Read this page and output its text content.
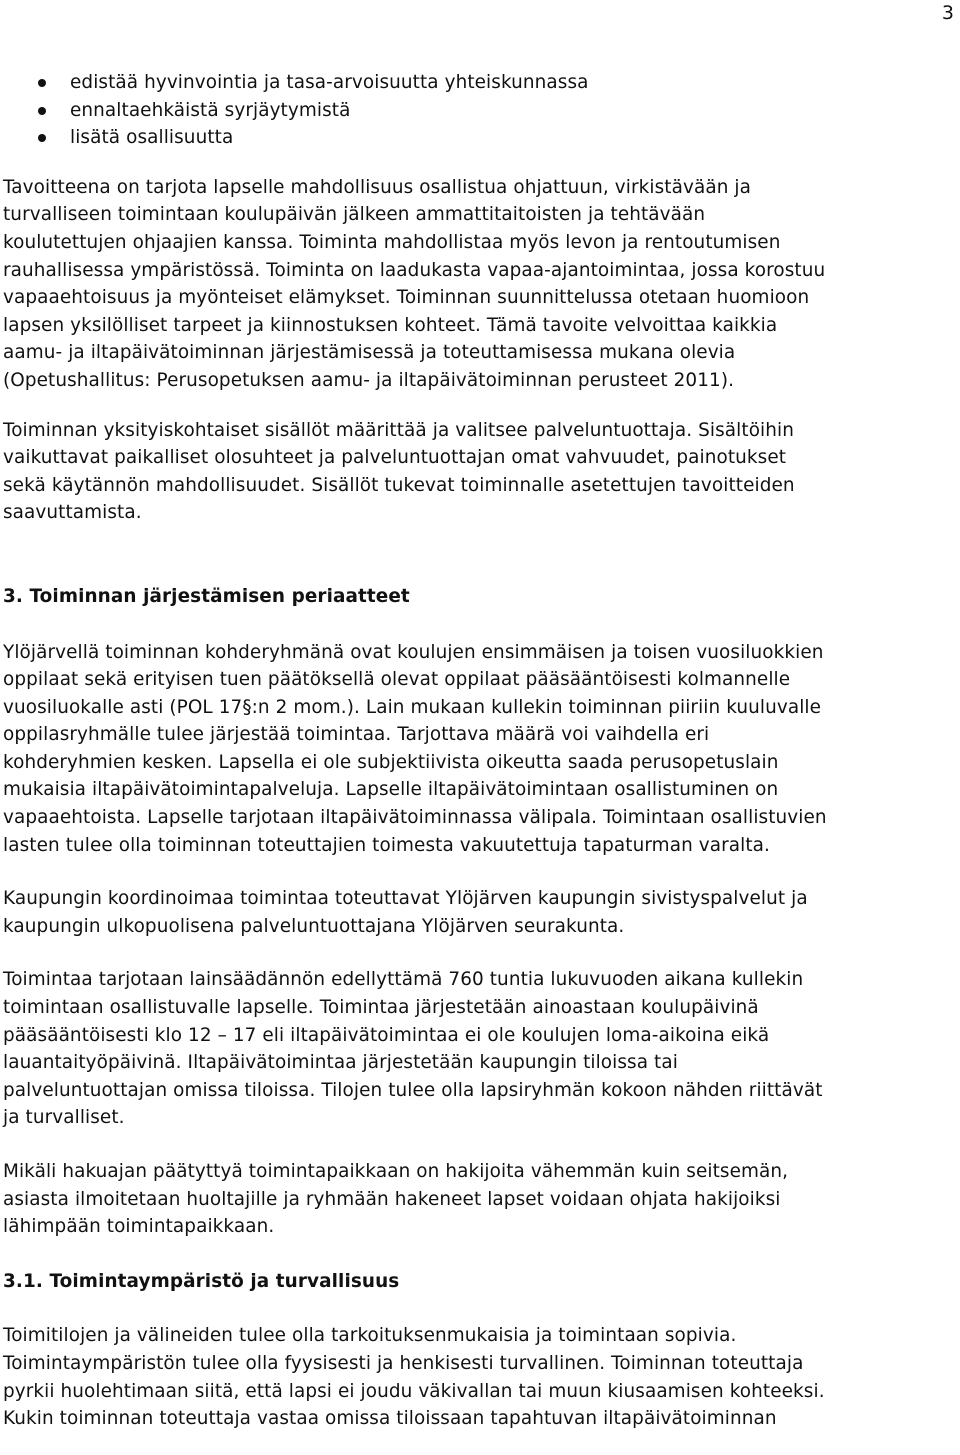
3
edistää hyvinvointia ja tasa-arvoisuutta yhteiskunnassa
ennaltaehkäistä syrjäytymistä
lisätä osallisuutta

Tavoitteena on tarjota lapselle mahdollisuus osallistua ohjattuun, virkistävään ja
turvalliseen toimintaan koulupäivän jälkeen ammattitaitoisten ja tehtävään
koulutettujen ohjaajien kanssa. Toiminta mahdollistaa myös levon ja rentoutumisen
rauhallisessa ympäristössä. Toiminta on laadukasta vapaa-ajantoimintaa, jossa korostuu
vapaaehtoisuus ja myönteiset elämykset. Toiminnan suunnittelussa otetaan huomioon
lapsen yksilölliset tarpeet ja kiinnostuksen kohteet. Tämä tavoite velvoittaa kaikkia
aamu- ja iltapäivätoiminnan järjestämisessä ja toteuttamisessa mukana olevia
(Opetushallitus: Perusopetuksen aamu- ja iltapäivätoiminnan perusteet 2011).

Toiminnan yksityiskohtaiset sisällöt määrittää ja valitsee palveluntuottaja. Sisältöihin
vaikuttavat paikalliset olosuhteet ja palveluntuottajan omat vahvuudet, painotukset
sekä käytännön mahdollisuudet. Sisällöt tukevat toiminnalle asetettujen tavoitteiden
saavuttamista.

3. Toiminnan järjestämisen periaatteet

Ylöjärvellä toiminnan kohderyhmänä ovat koulujen ensimmäisen ja toisen vuosiluokkien
oppilaat sekä erityisen tuen päätöksellä olevat oppilaat pääsääntöisesti kolmannelle
vuosiluokalle asti (POL 17§:n 2 mom.). Lain mukaan kullekin toiminnan piiriin kuuluvalle
oppilasryhmälle tulee järjestää toimintaa. Tarjottava määrä voi vaihdella eri
kohderyhmien kesken. Lapsella ei ole subjektiivista oikeutta saada perusopetuslain
mukaisia iltapäivätoimintapalveluja. Lapselle iltapäivätoimintaan osallistuminen on
vapaaehtoista. Lapselle tarjotaan iltapäivätoiminnassa välipala. Toimintaan osallistuvien
lasten tulee olla toiminnan toteuttajien toimesta vakuutettuja tapaturman varalta.

Kaupungin koordinoimaa toimintaa toteuttavat Ylöjärven kaupungin sivistyspalvelut ja
kaupungin ulkopuolisena palveluntuottajana Ylöjärven seurakunta.

Toimintaa tarjotaan lainsäädännön edellyttämä 760 tuntia lukuvuoden aikana kullekin
toimintaan osallistuvalle lapselle. Toimintaa järjestetään ainoastaan koulupäivinä
pääsääntöisesti klo 12 – 17 eli iltapäivätoimintaa ei ole koulujen loma-aikoina eikä
lauantaityöpäivinä. Iltapäivätoimintaa järjestetään kaupungin tiloissa tai
palveluntuottajan omissa tiloissa. Tilojen tulee olla lapsiryhmän kokoon nähden riittävät
ja turvalliset.

Mikäli hakuajan päätyttyä toimintapaikkaan on hakijoita vähemmän kuin seitsemän,
asiasta ilmoitetaan huoltajille ja ryhmään hakeneet lapset voidaan ohjata hakijoiksi
lähimpään toimintapaikkaan.

3.1. Toimintaympäristö ja turvallisuus

Toimitilojen ja välineiden tulee olla tarkoituksenmukaisia ja toimintaan sopivia.
Toimintaympäristön tulee olla fyysisesti ja henkisesti turvallinen. Toiminnan toteuttaja
pyrkii huolehtimaan siitä, että lapsi ei joudu väkivallan tai muun kiusaamisen kohteeksi.
Kukin toiminnan toteuttaja vastaa omissa tiloissaan tapahtuvan iltapäivätoiminnan
